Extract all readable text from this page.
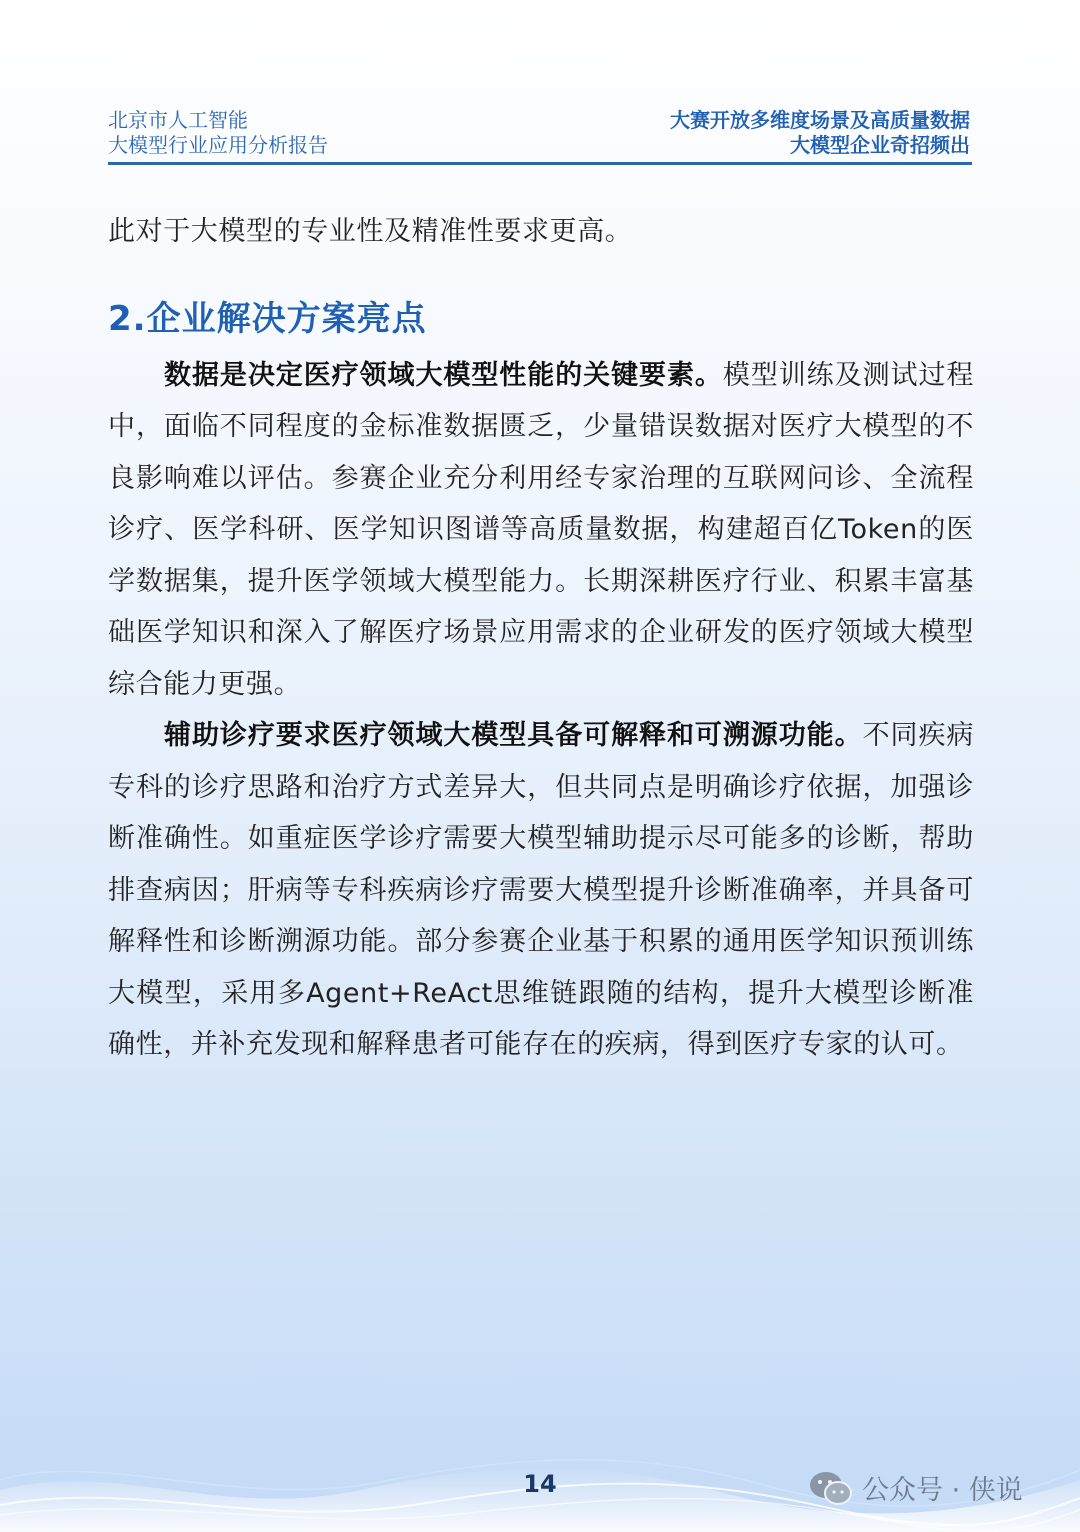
北京市人工智能
大模型行业应用分析报告
大赛开放多维度场景及高质量数据
大模型企业奇招频出

此对于大模型的专业性及精准性要求更高。

2.企业解决方案亮点

数据是决定医疗领域大模型性能的关键要素。模型训练及测试过程中，面临不同程度的金标准数据匮乏，少量错误数据对医疗大模型的不良影响难以评估。参赛企业充分利用经专家治理的互联网问诊、全流程诊疗、医学科研、医学知识图谱等高质量数据，构建超百亿Token的医学数据集，提升医学领域大模型能力。长期深耕医疗行业、积累丰富基础医学知识和深入了解医疗场景应用需求的企业研发的医疗领域大模型综合能力更强。

辅助诊疗要求医疗领域大模型具备可解释和可溯源功能。不同疾病专科的诊疗思路和治疗方式差异大，但共同点是明确诊疗依据，加强诊断准确性。如重症医学诊疗需要大模型辅助提示尽可能多的诊断，帮助排查病因；肝病等专科疾病诊疗需要大模型提升诊断准确率，并具备可解释性和诊断溯源功能。部分参赛企业基于积累的通用医学知识预训练大模型，采用多Agent+ReAct思维链跟随的结构，提升大模型诊断准确性，并补充发现和解释患者可能存在的疾病，得到医疗专家的认可。

14	公众号 · 侠说
